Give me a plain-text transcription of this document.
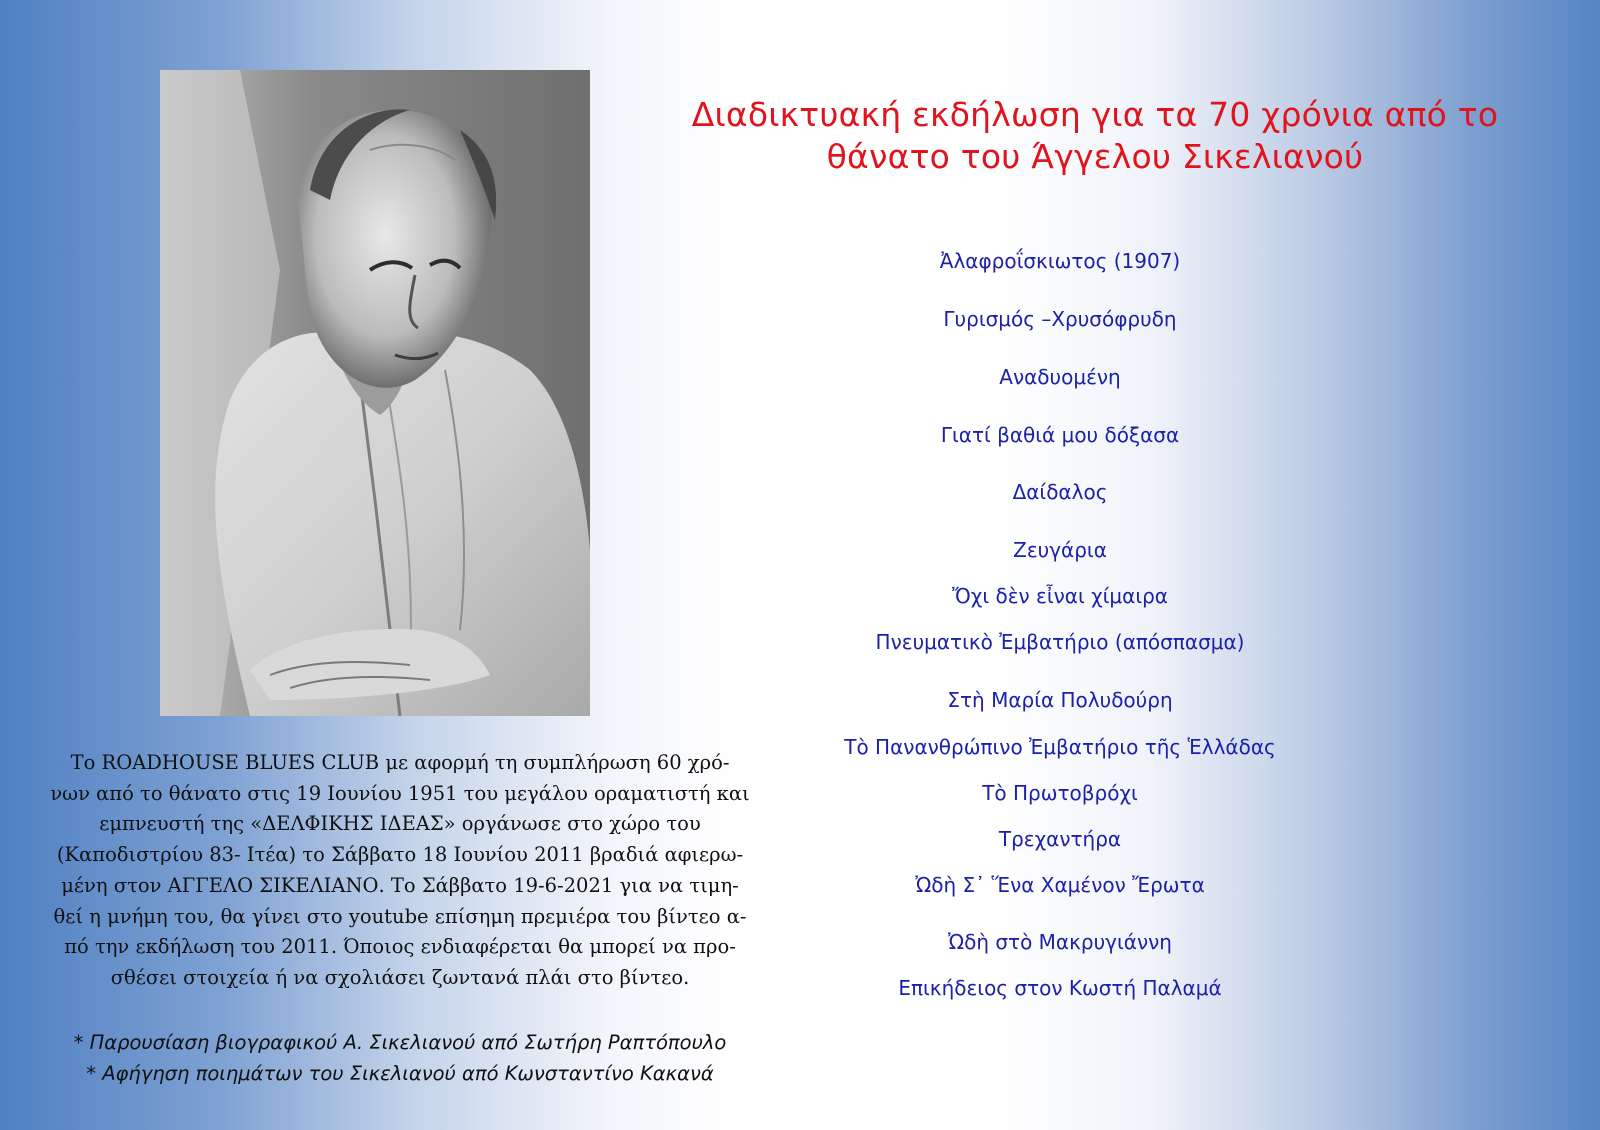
Διαδικτυακή εκδήλωση για τα 70 χρόνια από το
θάνατο του Άγγελου Σικελιανού
Ἀλαφροΐσκιωτος (1907)
Γυρισμός –Χρυσόφρυδη
Αναδυομένη
Γιατί βαθιά μου δόξασα
Δαίδαλος
Ζευγάρια
Ὄχι δὲν εἶναι χίμαιρα
Πνευματικὸ Ἐμβατήριο (απόσπασμα)
Στὴ Μαρία Πολυδούρη
Τὸ Πανανθρώπινο Ἐμβατήριο τῆς Ἑλλάδας
Τὸ Πρωτοβρόχι
Τρεχαντήρα
Ὠδὴ Σ᾿ Ἕνα Χαμένον Ἔρωτα
Ὠδὴ στὸ Μακρυγιάννη
Επικήδειος στον Κωστή Παλαμά
Το ROADHOUSE BLUES CLUB με αφορμή τη συμπλήρωση 60 χρό-
νων από το θάνατο στις 19 Ιουνίου 1951 του μεγάλου οραματιστή και
εμπνευστή της «ΔΕΛΦΙΚΗΣ ΙΔΕΑΣ» οργάνωσε στο χώρο του
(Καποδιστρίου 83- Ιτέα) το Σάββατο 18 Ιουνίου 2011 βραδιά αφιερω-
μένη στον ΑΓΓΕΛΟ ΣΙΚΕΛΙΑΝΟ. Το Σάββατο 19-6-2021 για να τιμη-
θεί η μνήμη του, θα γίνει στο youtube επίσημη πρεμιέρα του βίντεο α-
πό την εκδήλωση του 2011. Όποιος ενδιαφέρεται θα μπορεί να προ-
σθέσει στοιχεία ή να σχολιάσει ζωντανά πλάι στο βίντεο.
* Παρουσίαση βιογραφικού Α. Σικελιανού από Σωτήρη Ραπτόπουλο
* Αφήγηση ποιημάτων του Σικελιανού από Κωνσταντίνο Κακανά
